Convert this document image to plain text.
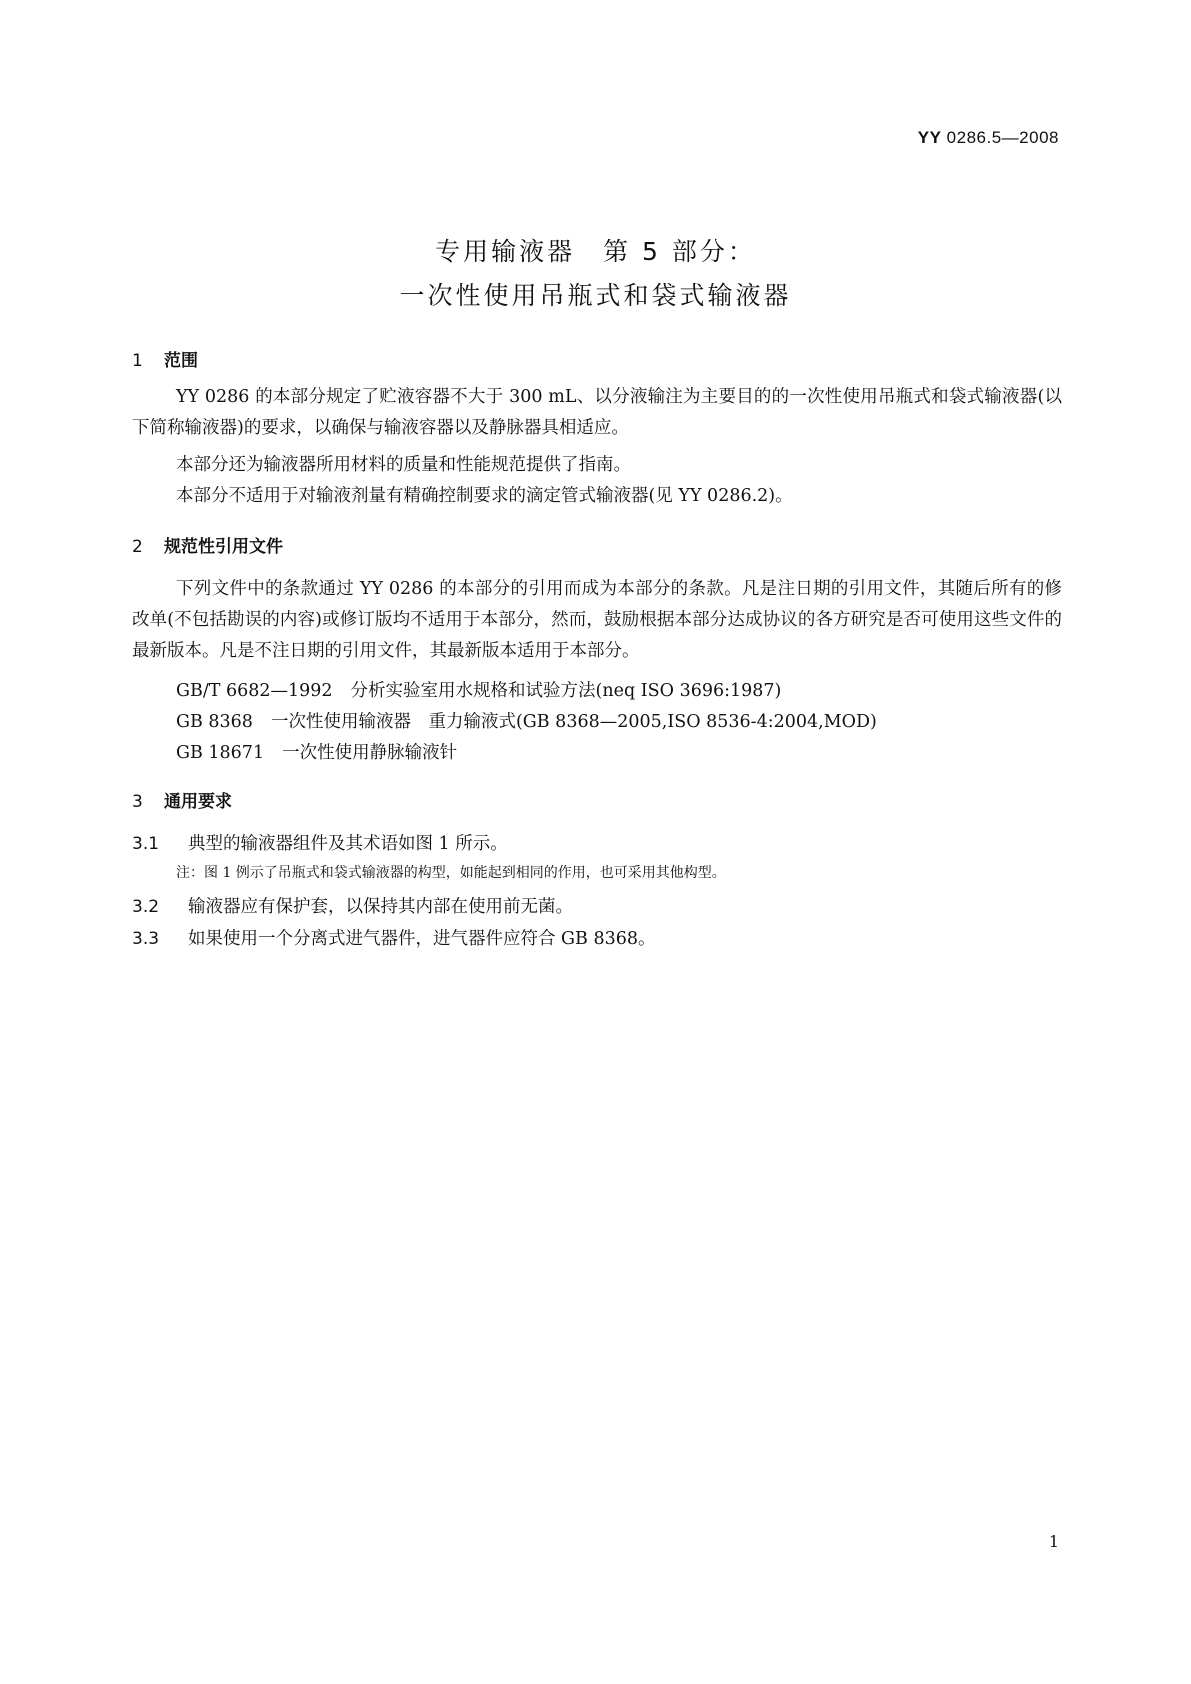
YY 0286.5—2008
专用输液器　第 5 部分：
一次性使用吊瓶式和袋式输液器
1 范围
YY 0286 的本部分规定了贮液容器不大于 300 mL、以分液输注为主要目的的一次性使用吊瓶式和袋式输液器(以下简称输液器)的要求，以确保与输液容器以及静脉器具相适应。
本部分还为输液器所用材料的质量和性能规范提供了指南。
本部分不适用于对输液剂量有精确控制要求的滴定管式输液器(见 YY 0286.2)。
2 规范性引用文件
下列文件中的条款通过 YY 0286 的本部分的引用而成为本部分的条款。凡是注日期的引用文件，其随后所有的修改单(不包括勘误的内容)或修订版均不适用于本部分，然而，鼓励根据本部分达成协议的各方研究是否可使用这些文件的最新版本。凡是不注日期的引用文件，其最新版本适用于本部分。
GB/T 6682—1992 分析实验室用水规格和试验方法(neq ISO 3696:1987)
GB 8368 一次性使用输液器　重力输液式(GB 8368—2005,ISO 8536-4:2004,MOD)
GB 18671 一次性使用静脉输液针
3 通用要求
3.1 典型的输液器组件及其术语如图 1 所示。
注：图 1 例示了吊瓶式和袋式输液器的构型，如能起到相同的作用，也可采用其他构型。
3.2 输液器应有保护套，以保持其内部在使用前无菌。
3.3 如果使用一个分离式进气器件，进气器件应符合 GB 8368。
1
